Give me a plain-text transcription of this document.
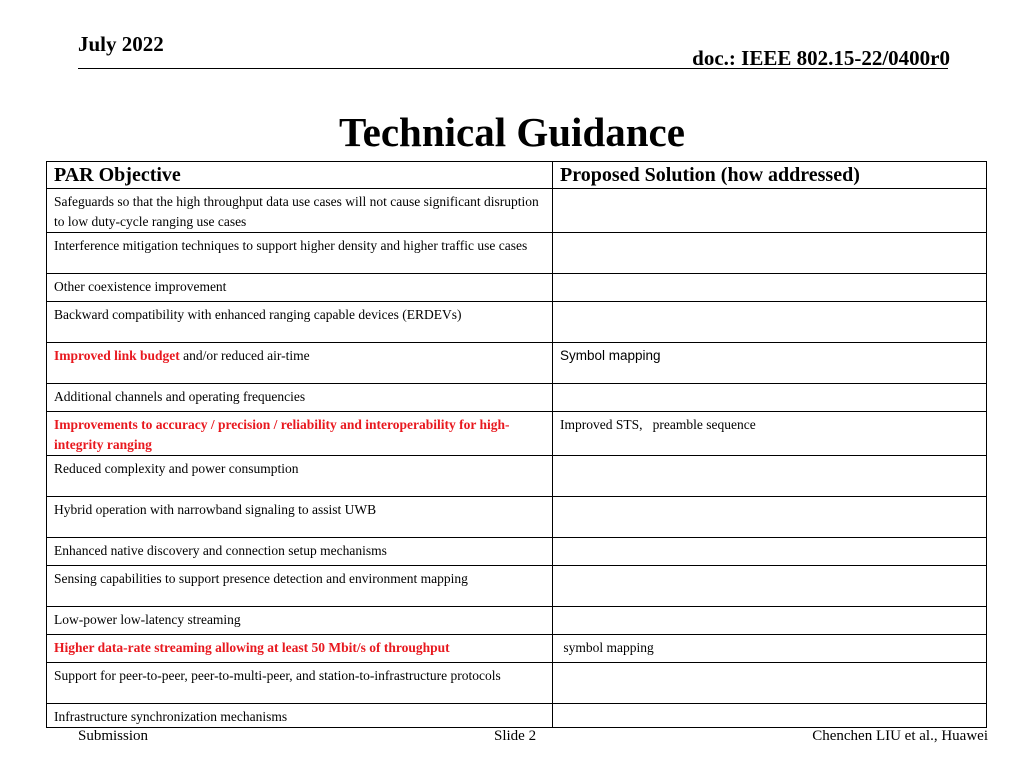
July 2022
doc.: IEEE 802.15-22/0400r0
Technical Guidance
PAR Objective	Proposed Solution (how addressed)
Safeguards so that the high throughput data use cases will not cause significant disruption to low duty-cycle ranging use cases	
Interference mitigation techniques to support higher density and higher traffic use cases	
Other coexistence improvement	
Backward compatibility with enhanced ranging capable devices (ERDEVs)	
Improved link budget and/or reduced air-time	Symbol mapping
Additional channels and operating frequencies	
Improvements to accuracy / precision / reliability and interoperability for high-integrity ranging	Improved STS,   preamble sequence
Reduced complexity and power consumption	
Hybrid operation with narrowband signaling to assist UWB	
Enhanced native discovery and connection setup mechanisms	
Sensing capabilities to support presence detection and environment mapping	
Low-power low-latency streaming	
Higher data-rate streaming allowing at least 50 Mbit/s of throughput	symbol mapping
Support for peer-to-peer, peer-to-multi-peer, and station-to-infrastructure protocols	
Infrastructure synchronization mechanisms	
Submission	Slide 2	Chenchen LIU et al., Huawei
